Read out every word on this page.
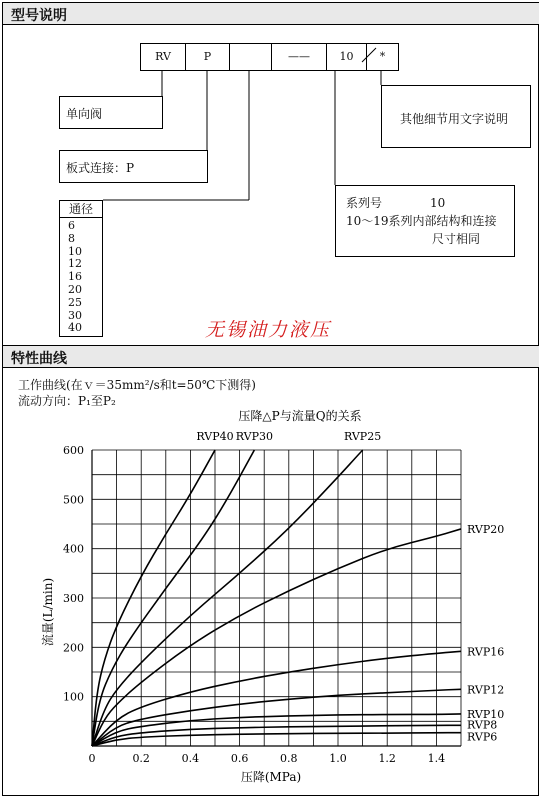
型号说明
RV	P	——	10	*
单向阀
板式连接：P
其他细节用文字说明
系列号　　　　10
10～19系列内部结构和连接
尺寸相同
通径
6
8
10
12
16
20
25
30
40	无锡油力液压
特性曲线
工作曲线(在ｖ＝35mm²/s和t=50℃下测得)
流动方向：P₁至P₂
压降△P与流量Q的关系
0	0.2	0.4	0.6	0.8	1.0	1.2	1.4
100
200
300
400
500
600
RVP40 RVP30	RVP25
RVP20
RVP16
RVP12
RVP10
RVP8
RVP6
压降(MPa)
流量(L/min)
